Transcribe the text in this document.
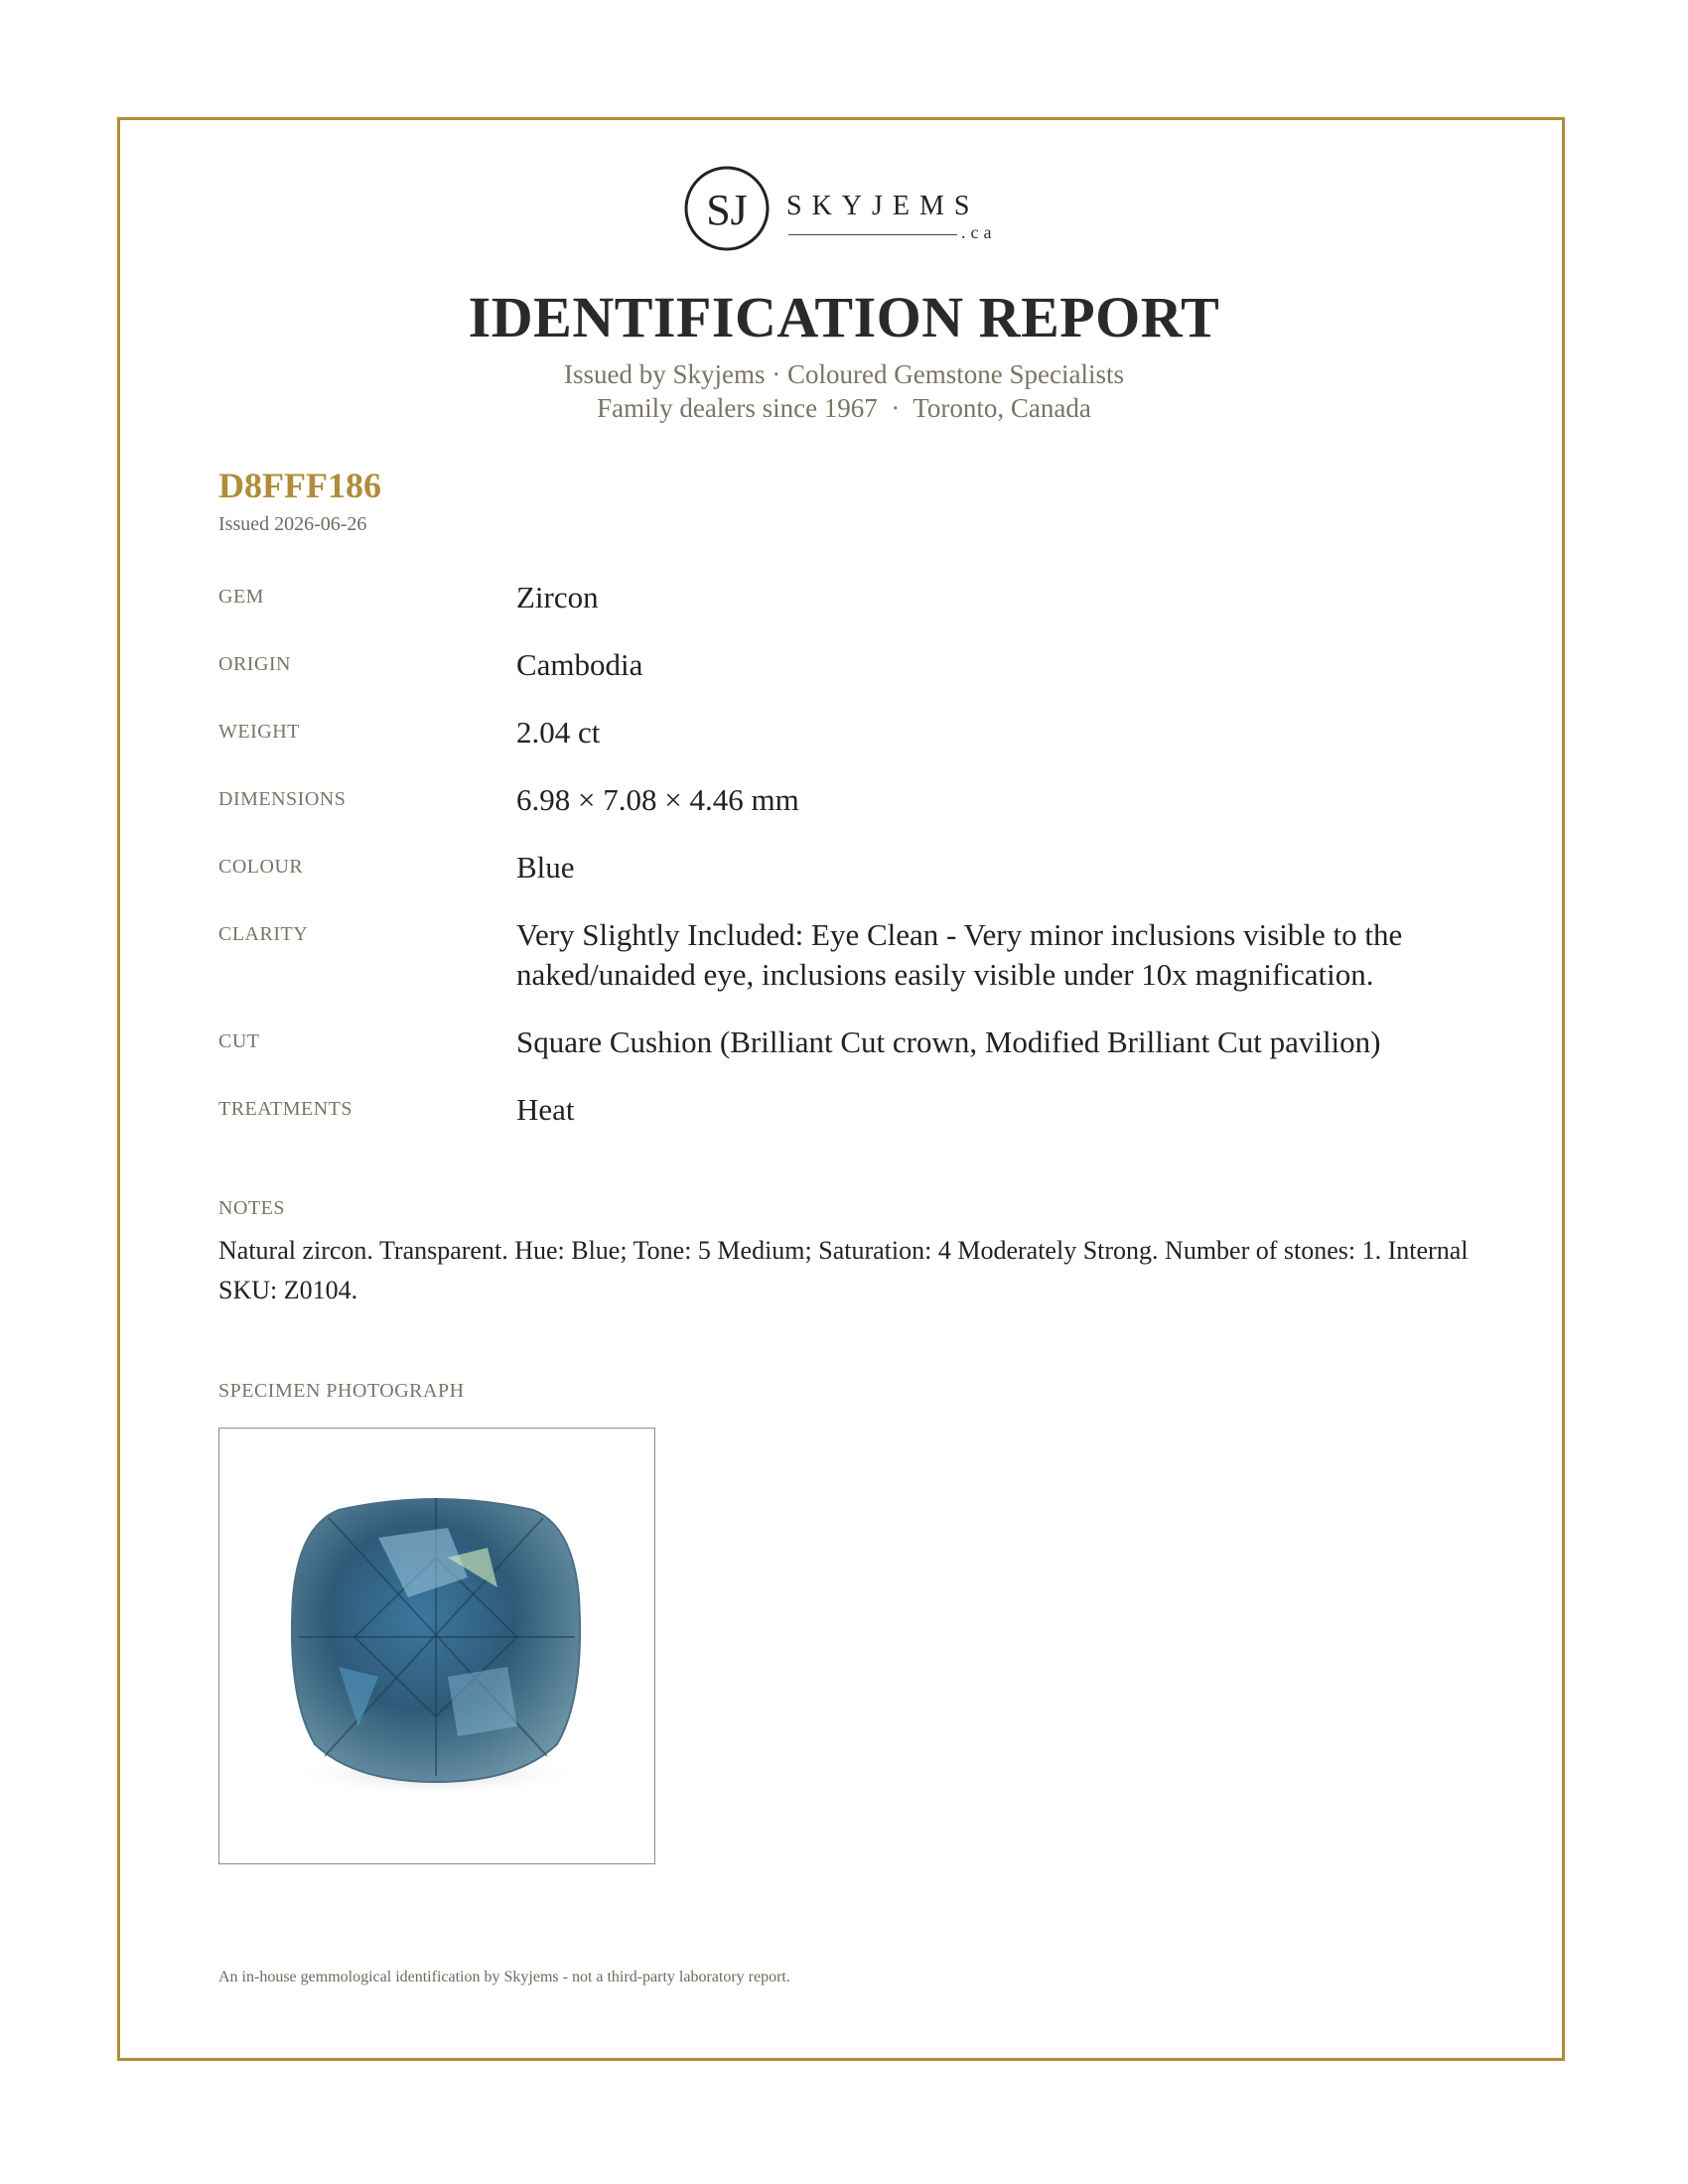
SJ SKYJEMS
.ca
IDENTIFICATION REPORT
Issued by Skyjems · Coloured Gemstone Specialists
Family dealers since 1967  ·  Toronto, Canada
D8FFF186
Issued 2026-06-26
GEM	Zircon
ORIGIN	Cambodia
WEIGHT	2.04 ct
DIMENSIONS	6.98 × 7.08 × 4.46 mm
COLOUR	Blue
CLARITY	Very Slightly Included: Eye Clean - Very minor inclusions visible to the naked/unaided eye, inclusions easily visible under 10x magnification.
CUT	Square Cushion (Brilliant Cut crown, Modified Brilliant Cut pavilion)
TREATMENTS	Heat
NOTES
Natural zircon. Transparent. Hue: Blue; Tone: 5 Medium; Saturation: 4 Moderately Strong. Number of stones: 1. Internal SKU: Z0104.
SPECIMEN PHOTOGRAPH
An in-house gemmological identification by Skyjems - not a third-party laboratory report.
